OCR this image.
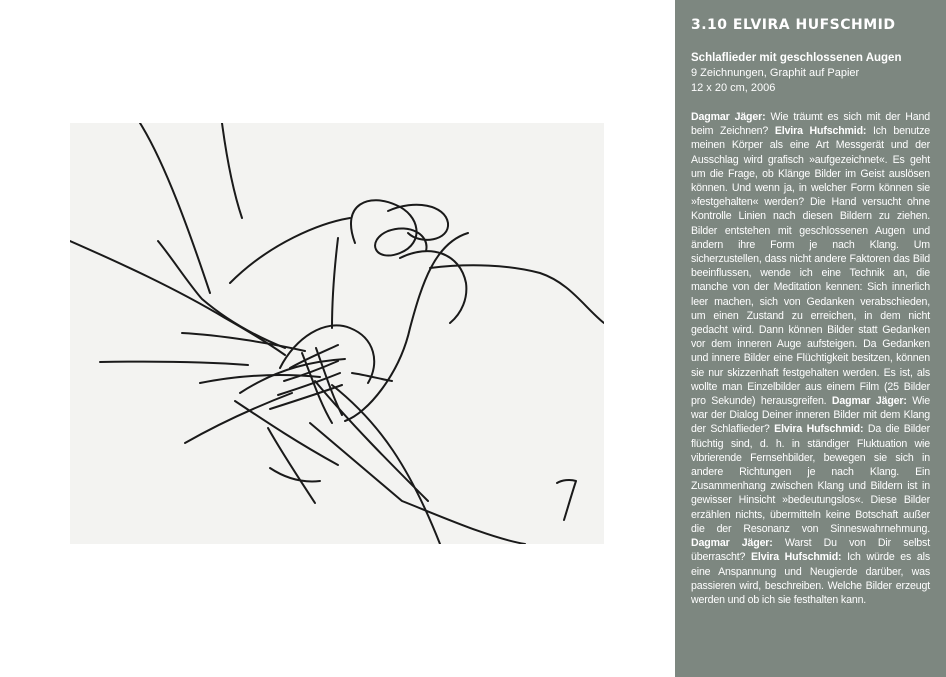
3.10 ELVIRA HUFSCHMID

Schlaflieder mit geschlossenen Augen

9 Zeichnungen, Graphit auf Papier

12 x 20 cm, 2006

Dagmar Jäger: Wie träumt es sich mit der Hand beim Zeichnen? Elvira Hufschmid: Ich benutze meinen Körper als eine Art Messgerät und der Ausschlag wird grafisch »aufgezeichnet«. Es geht um die Frage, ob Klänge Bilder im Geist auslösen können. Und wenn ja, in welcher Form können sie »festgehalten« werden? Die Hand versucht ohne Kontrolle Linien nach diesen Bildern zu ziehen. Bilder entstehen mit geschlossenen Augen und ändern ihre Form je nach Klang. Um sicherzustellen, dass nicht andere Faktoren das Bild beeinflussen, wende ich eine Technik an, die manche von der Meditation kennen: Sich innerlich leer machen, sich von Gedanken verabschieden, um einen Zustand zu erreichen, in dem nicht gedacht wird. Dann können Bilder statt Gedanken vor dem inneren Auge aufsteigen. Da Gedanken und innere Bilder eine Flüchtigkeit besitzen, können sie nur skizzenhaft festgehalten werden. Es ist, als wollte man Einzelbilder aus einem Film (25 Bilder pro Sekunde) herausgreifen. Dagmar Jäger: Wie war der Dialog Deiner inneren Bilder mit dem Klang der Schlaflieder? Elvira Hufschmid: Da die Bilder flüchtig sind, d. h. in ständiger Fluktuation wie vibrierende Fernsehbilder, bewegen sie sich in andere Richtungen je nach Klang. Ein Zusammenhang zwischen Klang und Bildern ist in gewisser Hinsicht »bedeutungslos«. Diese Bilder erzählen nichts, übermitteln keine Botschaft außer die der Resonanz von Sinneswahrnehmung. Dagmar Jäger: Warst Du von Dir selbst überrascht? Elvira Hufschmid: Ich würde es als eine Anspannung und Neugierde darüber, was passieren wird, beschreiben. Welche Bilder erzeugt werden und ob ich sie festhalten kann.
